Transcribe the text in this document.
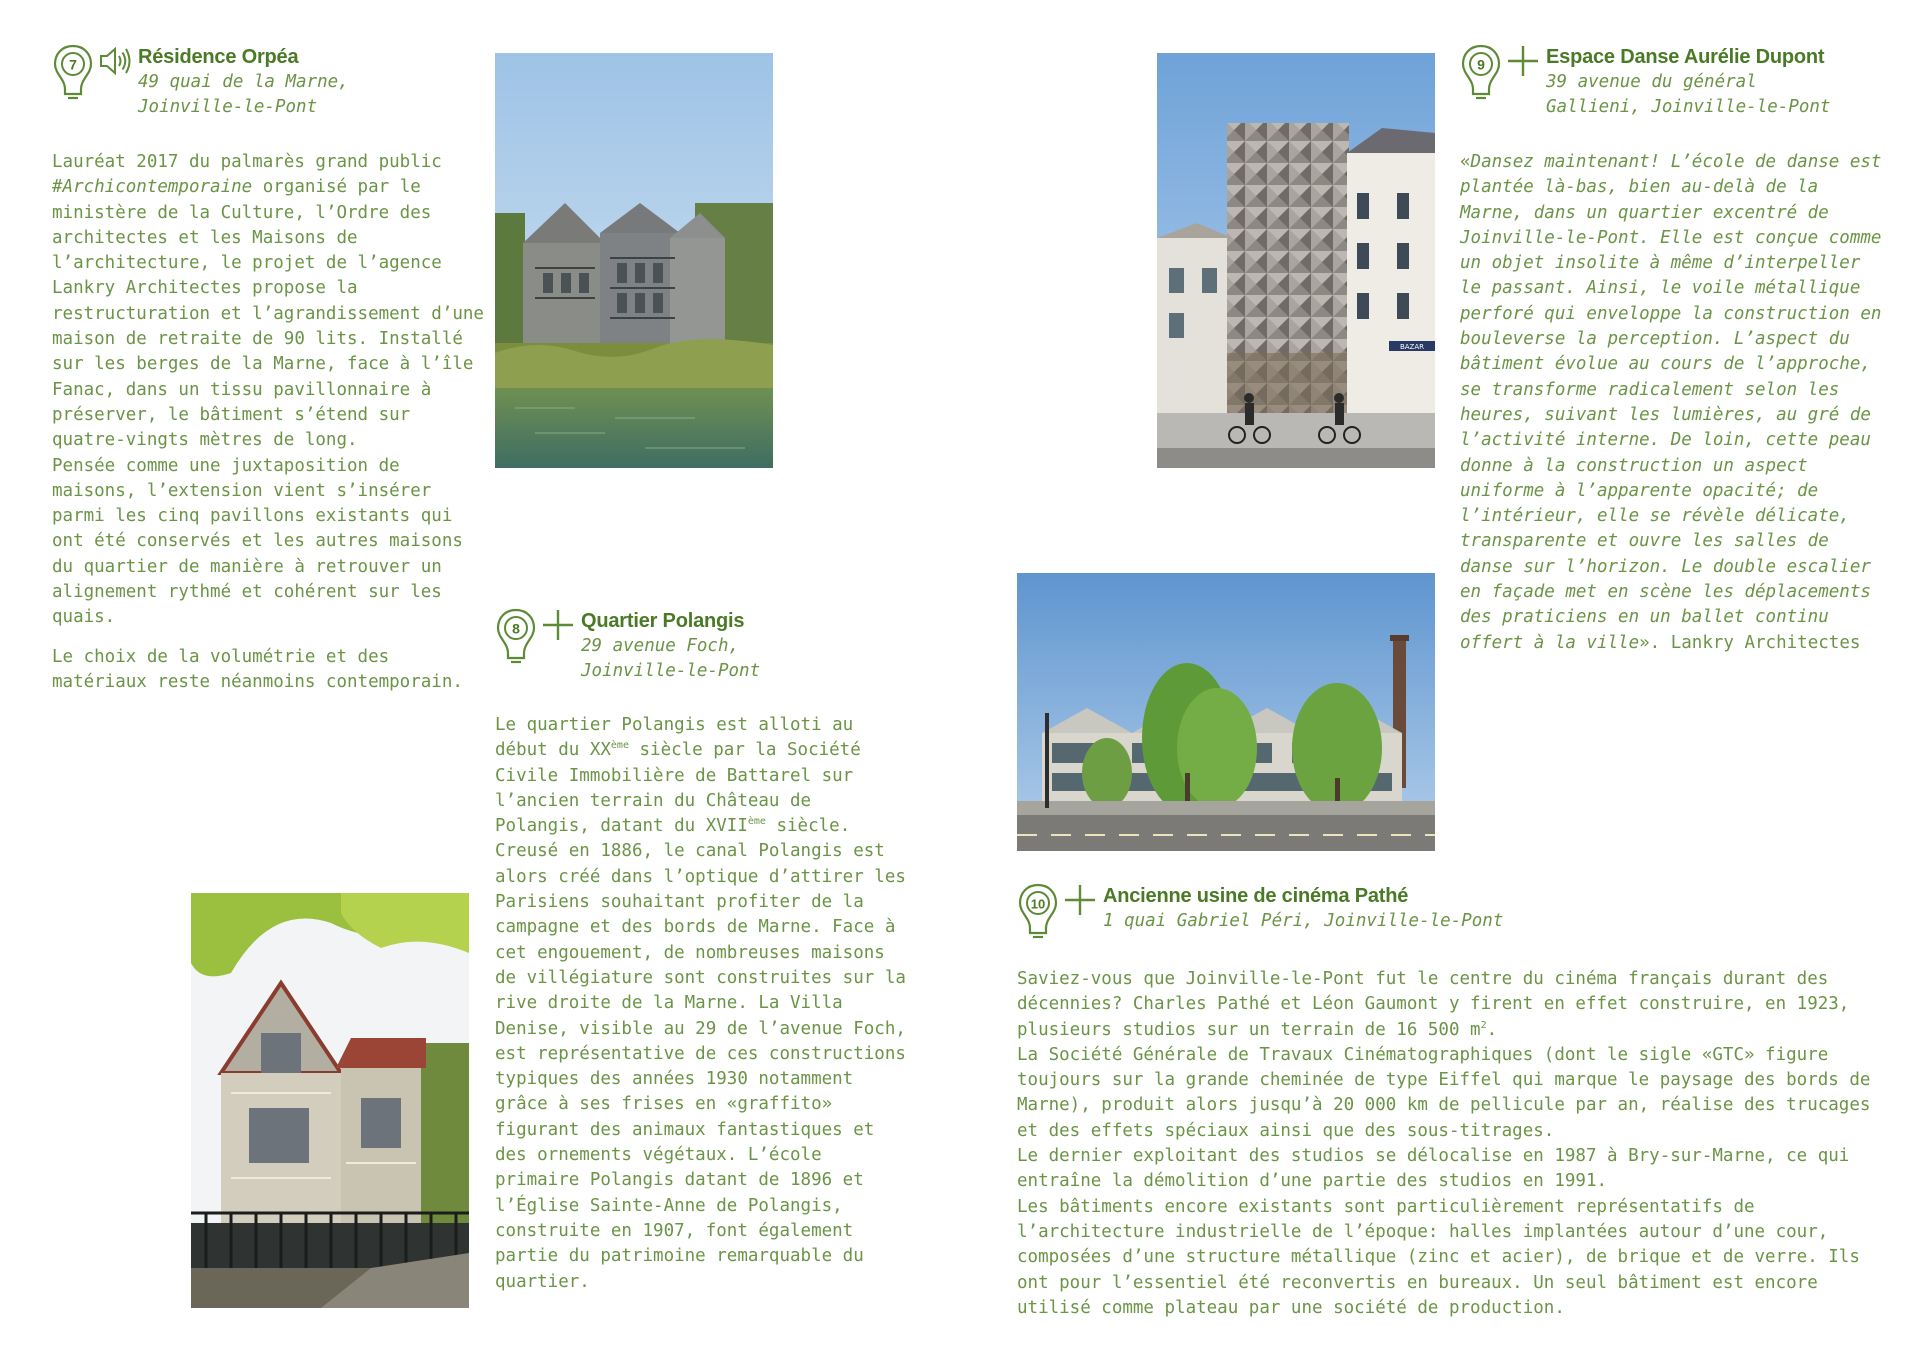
7	Résidence Orpéa
49 quai de la Marne,
Joinville-le-Pont

Lauréat 2017 du palmarès grand public #Archicontemporaine organisé par le ministère de la Culture, l’Ordre des architectes et les Maisons de l’architecture, le projet de l’agence Lankry Architectes propose la restructuration et l’agrandissement d’une maison de retraite de 90 lits. Installé sur les berges de la Marne, face à l’île Fanac, dans un tissu pavillonnaire à préserver, le bâtiment s’étend sur quatre-vingts mètres de long.

Pensée comme une juxtaposition de maisons, l’extension vient s’insérer parmi les cinq pavillons existants qui ont été conservés et les autres maisons du quartier de manière à retrouver un alignement rythmé et cohérent sur les quais.

Le choix de la volumétrie et des matériaux reste néanmoins contemporain.

8	Quartier Polangis
29 avenue Foch,
Joinville-le-Pont

Le quartier Polangis est alloti au début du XXème siècle par la Société Civile Immobilière de Battarel sur l’ancien terrain du Château de Polangis, datant du XVIIème siècle. Creusé en 1886, le canal Polangis est alors créé dans l’optique d’attirer les Parisiens souhaitant profiter de la campagne et des bords de Marne. Face à cet engouement, de nombreuses maisons de villégiature sont construites sur la rive droite de la Marne. La Villa Denise, visible au 29 de l’avenue Foch, est représentative de ces constructions typiques des années 1930 notamment grâce à ses frises en «graffito» figurant des animaux fantastiques et des ornements végétaux. L’école primaire Polangis datant de 1896 et l’Église Sainte-Anne de Polangis, construite en 1907, font également partie du patrimoine remarquable du quartier.

BAZAR
9	Espace Danse Aurélie Dupont
39 avenue du général
Gallieni, Joinville-le-Pont

«Dansez maintenant! L’école de danse est plantée là-bas, bien au-delà de la Marne, dans un quartier excentré de Joinville-le-Pont. Elle est conçue comme un objet insolite à même d’interpeller le passant. Ainsi, le voile métallique perforé qui enveloppe la construction en bouleverse la perception. L’aspect du bâtiment évolue au cours de l’approche, se transforme radicalement selon les heures, suivant les lumières, au gré de l’activité interne. De loin, cette peau donne à la construction un aspect uniforme à l’apparente opacité; de l’intérieur, elle se révèle délicate, transparente et ouvre les salles de danse sur l’horizon. Le double escalier en façade met en scène les déplacements des praticiens en un ballet continu offert à la ville». Lankry Architectes

10	Ancienne usine de cinéma Pathé
1 quai Gabriel Péri, Joinville-le-Pont

Saviez-vous que Joinville-le-Pont fut le centre du cinéma français durant des décennies? Charles Pathé et Léon Gaumont y firent en effet construire, en 1923, plusieurs studios sur un terrain de 16 500 $m^2$.

La Société Générale de Travaux Cinématographiques (dont le sigle «GTC» figure toujours sur la grande cheminée de type Eiffel qui marque le paysage des bords de Marne), produit alors jusqu’à 20 000 km de pellicule par an, réalise des trucages et des effets spéciaux ainsi que des sous-titrages.

Le dernier exploitant des studios se délocalise en 1987 à Bry-sur-Marne, ce qui entraîne la démolition d’une partie des studios en 1991.

Les bâtiments encore existants sont particulièrement représentatifs de l’architecture industrielle de l’époque: halles implantées autour d’une cour, composées d’une structure métallique (zinc et acier), de brique et de verre. Ils ont pour l’essentiel été reconvertis en bureaux. Un seul bâtiment est encore utilisé comme plateau par une société de production.
